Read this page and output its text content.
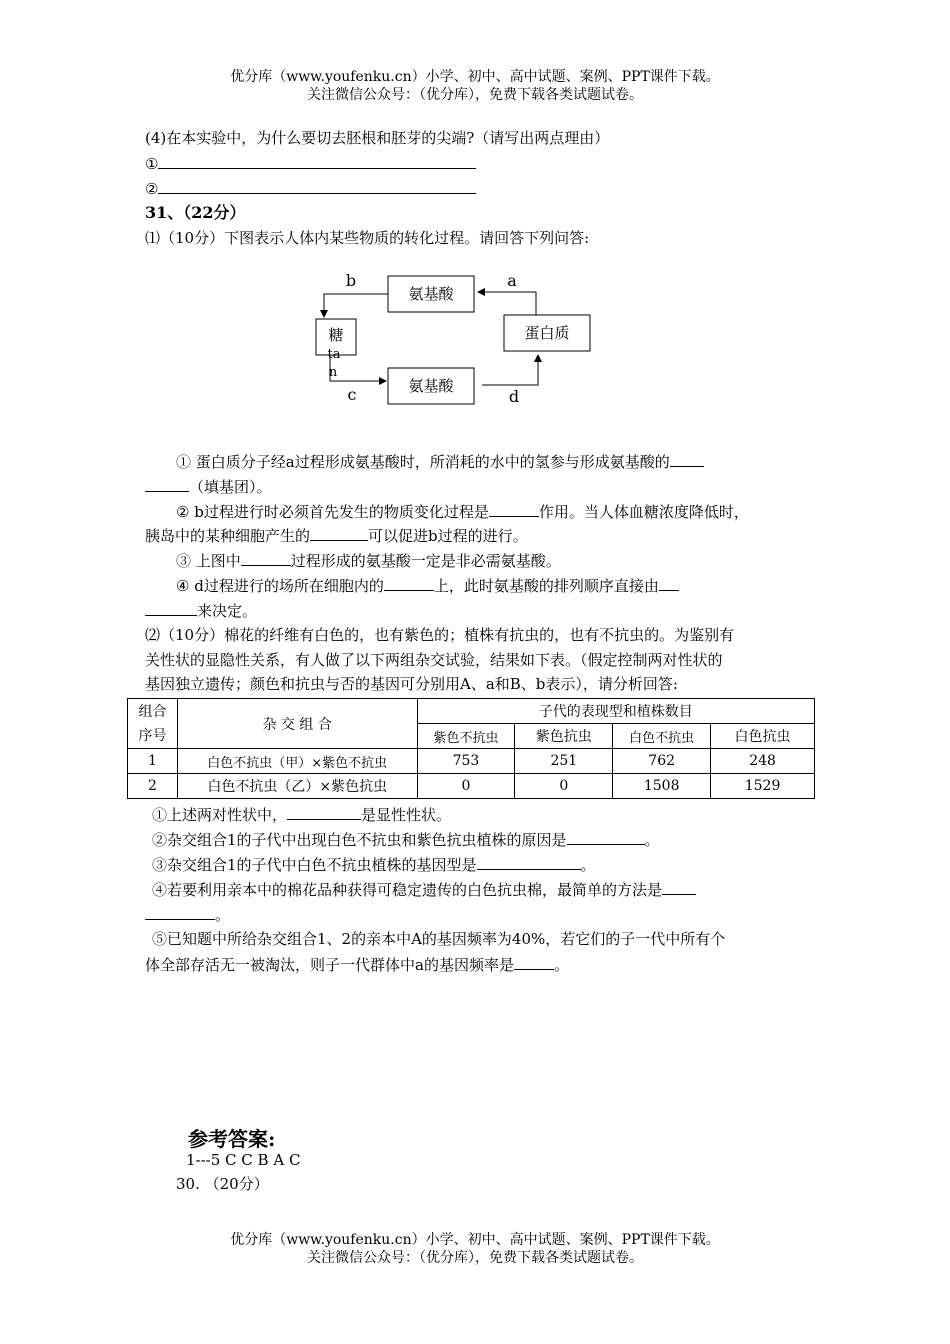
优分库（www.youfenku.cn）小学、初中、高中试题、案例、PPT课件下载。
关注微信公众号：（优分库），免费下载各类试题试卷。
(4)在本实验中，为什么要切去胚根和胚芽的尖端?（请写出两点理由）
①
②
31、（22分）
⑴（10分）下图表示人体内某些物质的转化过程。请回答下列问答:
氨基酸
蛋白质
糖
ta
n
氨基酸
b	a
c	d
① 蛋白质分子经a过程形成氨基酸时，所消耗的水中的氢参与形成氨基酸的
（填基团）。
② b过程进行时必须首先发生的物质变化过程是	作用。当人体血糖浓度降低时，
胰岛中的某种细胞产生的	可以促进b过程的进行。
③ 上图中	过程形成的氨基酸一定是非必需氨基酸。
④ d过程进行的场所在细胞内的	上，此时氨基酸的排列顺序直接由
来决定。
⑵（10分）棉花的纤维有白色的，也有紫色的；植株有抗虫的，也有不抗虫的。为鉴别有
关性状的显隐性关系，有人做了以下两组杂交试验，结果如下表。（假定控制两对性状的
基因独立遗传；颜色和抗虫与否的基因可分别用A、a和B、b表示），请分析回答:
组合
序号	杂 交 组 合	子代的表现型和植株数目			
		紫色不抗虫	紫色抗虫	白色不抗虫	白色抗虫
1	白色不抗虫（甲）×紫色不抗虫	753	251	762	248
2	白色不抗虫（乙）×紫色抗虫	0	0	1508	1529
①上述两对性状中，	是显性性状。
②杂交组合1的子代中出现白色不抗虫和紫色抗虫植株的原因是	。
③杂交组合1的子代中白色不抗虫植株的基因型是	。
④若要利用亲本中的棉花品种获得可稳定遗传的白色抗虫棉，最简单的方法是
。
⑤已知题中所给杂交组合1、2的亲本中A的基因频率为40%，若它们的子一代中所有个
体全部存活无一被淘汰，则子一代群体中a的基因频率是	。
参考答案:
1---5 C C B A C
30. （20分）
优分库（www.youfenku.cn）小学、初中、高中试题、案例、PPT课件下载。
关注微信公众号：（优分库），免费下载各类试题试卷。
